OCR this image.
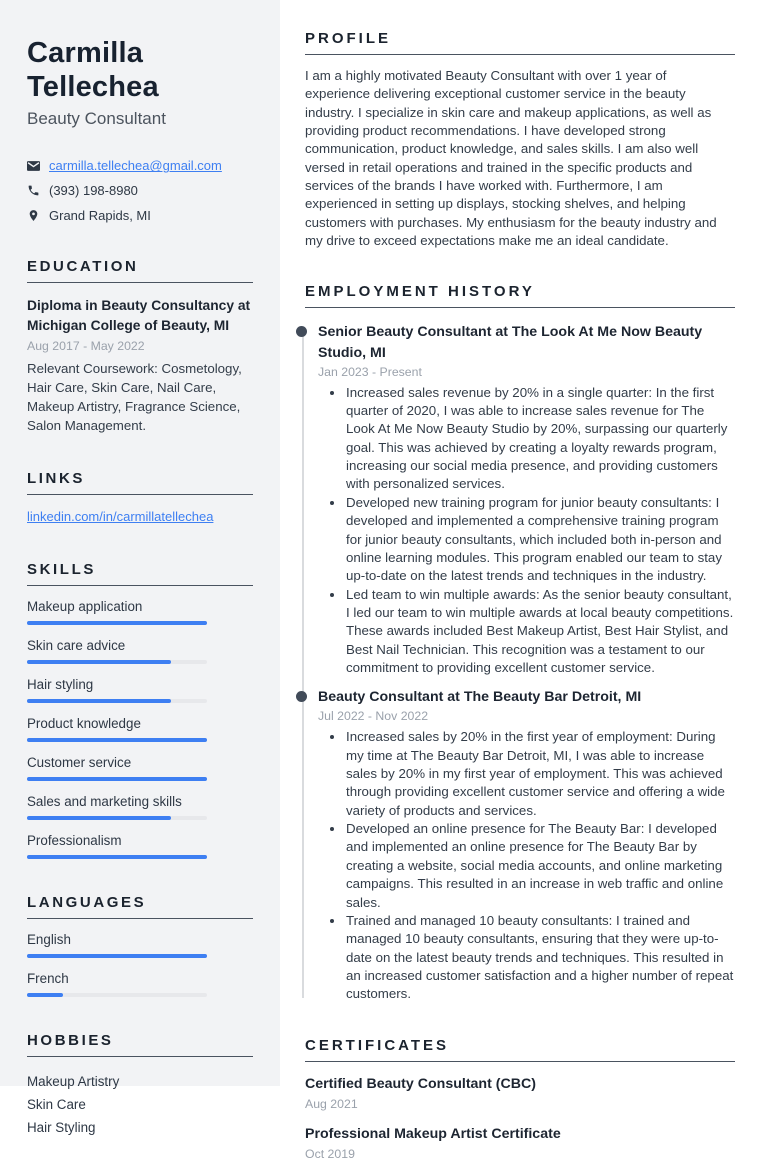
Carmilla Tellechea
Beauty Consultant
carmilla.tellechea@gmail.com
(393) 198-8980
Grand Rapids, MI
EDUCATION
Diploma in Beauty Consultancy at Michigan College of Beauty, MI
Aug 2017 - May 2022
Relevant Coursework: Cosmetology, Hair Care, Skin Care, Nail Care, Makeup Artistry, Fragrance Science, Salon Management.
LINKS
linkedin.com/in/carmillatellechea
SKILLS
Makeup application
Skin care advice
Hair styling
Product knowledge
Customer service
Sales and marketing skills
Professionalism
LANGUAGES
English
French
HOBBIES
Makeup Artistry
Skin Care
Hair Styling
PROFILE

I am a highly motivated Beauty Consultant with over 1 year of experience delivering exceptional customer service in the beauty industry. I specialize in skin care and makeup applications, as well as providing product recommendations. I have developed strong communication, product knowledge, and sales skills. I am also well versed in retail operations and trained in the specific products and services of the brands I have worked with. Furthermore, I am experienced in setting up displays, stocking shelves, and helping customers with purchases. My enthusiasm for the beauty industry and my drive to exceed expectations make me an ideal candidate.

EMPLOYMENT HISTORY
Senior Beauty Consultant at The Look At Me Now Beauty Studio, MI
Jan 2023 - Present
• Increased sales revenue by 20% in a single quarter: In the first quarter of 2020, I was able to increase sales revenue for The Look At Me Now Beauty Studio by 20%, surpassing our quarterly goal. This was achieved by creating a loyalty rewards program, increasing our social media presence, and providing customers with personalized services.
• Developed new training program for junior beauty consultants: I developed and implemented a comprehensive training program for junior beauty consultants, which included both in-person and online learning modules. This program enabled our team to stay up-to-date on the latest trends and techniques in the industry.
• Led team to win multiple awards: As the senior beauty consultant, I led our team to win multiple awards at local beauty competitions. These awards included Best Makeup Artist, Best Hair Stylist, and Best Nail Technician. This recognition was a testament to our commitment to providing excellent customer service.
Beauty Consultant at The Beauty Bar Detroit, MI
Jul 2022 - Nov 2022
• Increased sales by 20% in the first year of employment: During my time at The Beauty Bar Detroit, MI, I was able to increase sales by 20% in my first year of employment. This was achieved through providing excellent customer service and offering a wide variety of products and services.
• Developed an online presence for The Beauty Bar: I developed and implemented an online presence for The Beauty Bar by creating a website, social media accounts, and online marketing campaigns. This resulted in an increase in web traffic and online sales.
• Trained and managed 10 beauty consultants: I trained and managed 10 beauty consultants, ensuring that they were up-to-date on the latest beauty trends and techniques. This resulted in an increased customer satisfaction and a higher number of repeat customers.
CERTIFICATES
Certified Beauty Consultant (CBC)
Aug 2021
Professional Makeup Artist Certificate
Oct 2019
